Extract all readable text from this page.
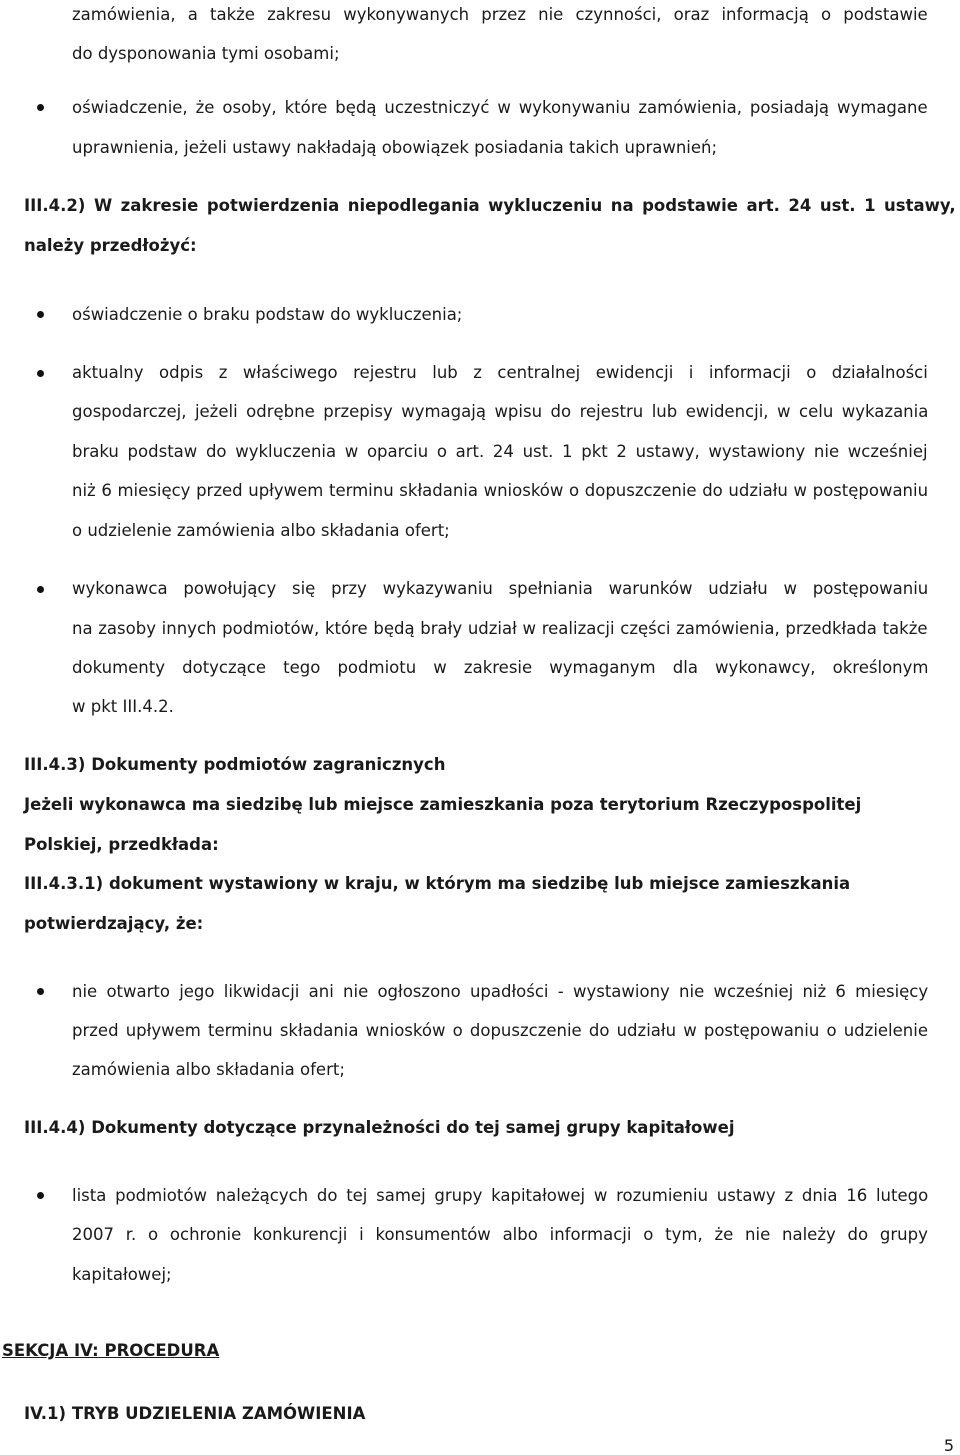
zamówienia, a także zakresu wykonywanych przez nie czynności, oraz informacją o podstawie
do dysponowania tymi osobami;
oświadczenie, że osoby, które będą uczestniczyć w wykonywaniu zamówienia, posiadają wymagane
uprawnienia, jeżeli ustawy nakładają obowiązek posiadania takich uprawnień;
III.4.2) W zakresie potwierdzenia niepodlegania wykluczeniu na podstawie art. 24 ust. 1 ustawy,
należy przedłożyć:
oświadczenie o braku podstaw do wykluczenia;
aktualny odpis z właściwego rejestru lub z centralnej ewidencji i informacji o działalności
gospodarczej, jeżeli odrębne przepisy wymagają wpisu do rejestru lub ewidencji, w celu wykazania
braku podstaw do wykluczenia w oparciu o art. 24 ust. 1 pkt 2 ustawy, wystawiony nie wcześniej
niż 6 miesięcy przed upływem terminu składania wniosków o dopuszczenie do udziału w postępowaniu
o udzielenie zamówienia albo składania ofert;
wykonawca powołujący się przy wykazywaniu spełniania warunków udziału w postępowaniu
na zasoby innych podmiotów, które będą brały udział w realizacji części zamówienia, przedkłada także
dokumenty dotyczące tego podmiotu w zakresie wymaganym dla wykonawcy, określonym
w pkt III.4.2.
III.4.3) Dokumenty podmiotów zagranicznych
Jeżeli wykonawca ma siedzibę lub miejsce zamieszkania poza terytorium Rzeczypospolitej
Polskiej, przedkłada:
III.4.3.1) dokument wystawiony w kraju, w którym ma siedzibę lub miejsce zamieszkania
potwierdzający, że:
nie otwarto jego likwidacji ani nie ogłoszono upadłości - wystawiony nie wcześniej niż 6 miesięcy
przed upływem terminu składania wniosków o dopuszczenie do udziału w postępowaniu o udzielenie
zamówienia albo składania ofert;
III.4.4) Dokumenty dotyczące przynależności do tej samej grupy kapitałowej
lista podmiotów należących do tej samej grupy kapitałowej w rozumieniu ustawy z dnia 16 lutego
2007 r. o ochronie konkurencji i konsumentów albo informacji o tym, że nie należy do grupy
kapitałowej;
SEKCJA IV: PROCEDURA
IV.1) TRYB UDZIELENIA ZAMÓWIENIA
5
